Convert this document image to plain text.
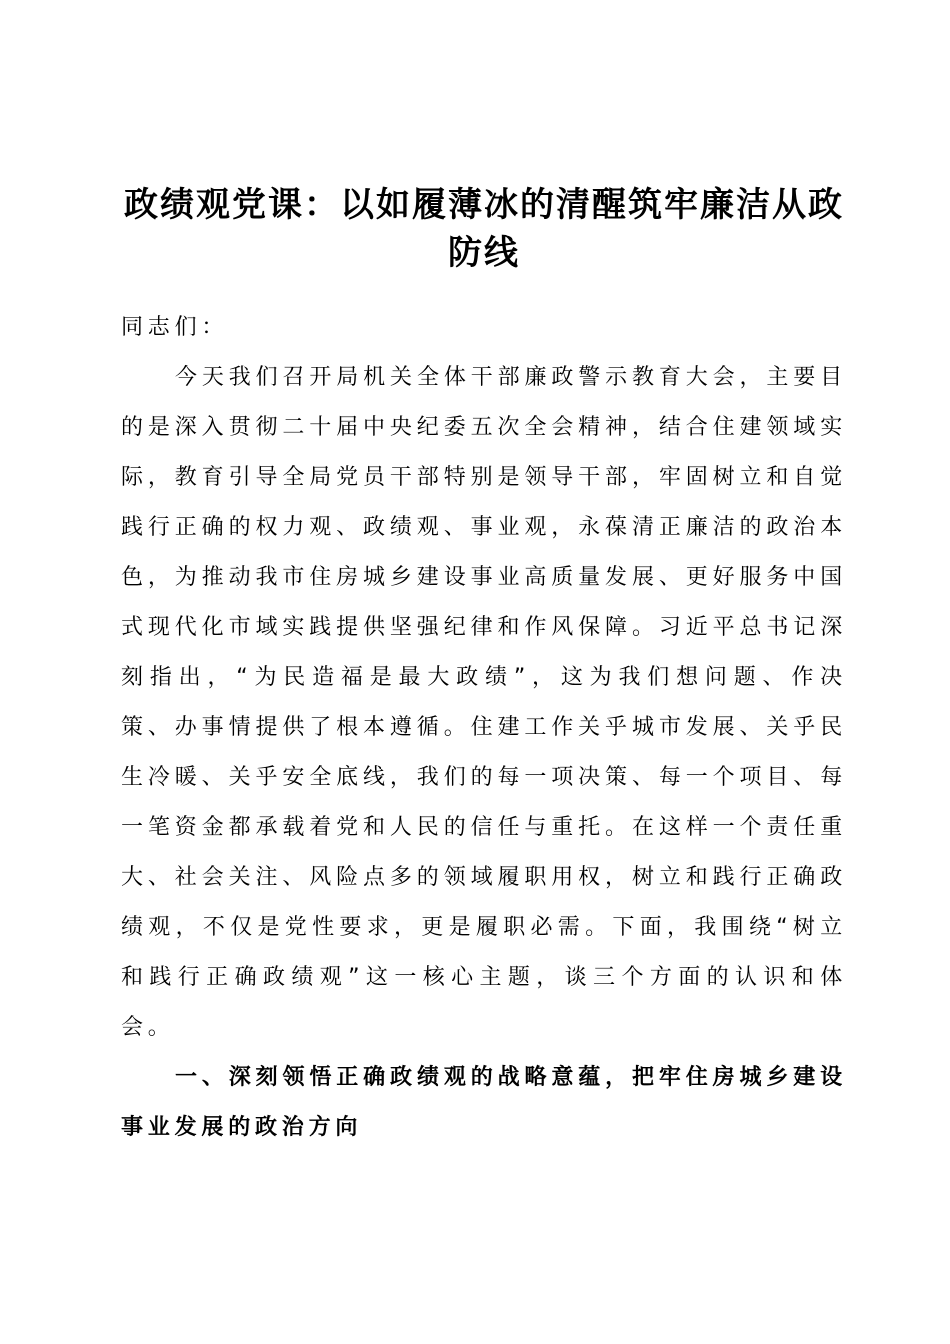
政绩观党课：以如履薄冰的清醒筑牢廉洁从政防线

同志们：

今天我们召开局机关全体干部廉政警示教育大会，主要目的是深入贯彻二十届中央纪委五次全会精神，结合住建领域实际，教育引导全局党员干部特别是领导干部，牢固树立和自觉践行正确的权力观、政绩观、事业观，永葆清正廉洁的政治本色，为推动我市住房城乡建设事业高质量发展、更好服务中国式现代化市域实践提供坚强纪律和作风保障。习近平总书记深刻指出，“为民造福是最大政绩”，这为我们想问题、作决策、办事情提供了根本遵循。住建工作关乎城市发展、关乎民生冷暖、关乎安全底线，我们的每一项决策、每一个项目、每一笔资金都承载着党和人民的信任与重托。在这样一个责任重大、社会关注、风险点多的领域履职用权，树立和践行正确政绩观，不仅是党性要求，更是履职必需。下面，我围绕“树立和践行正确政绩观”这一核心主题，谈三个方面的认识和体会。

一、深刻领悟正确政绩观的战略意蕴，把牢住房城乡建设事业发展的政治方向
